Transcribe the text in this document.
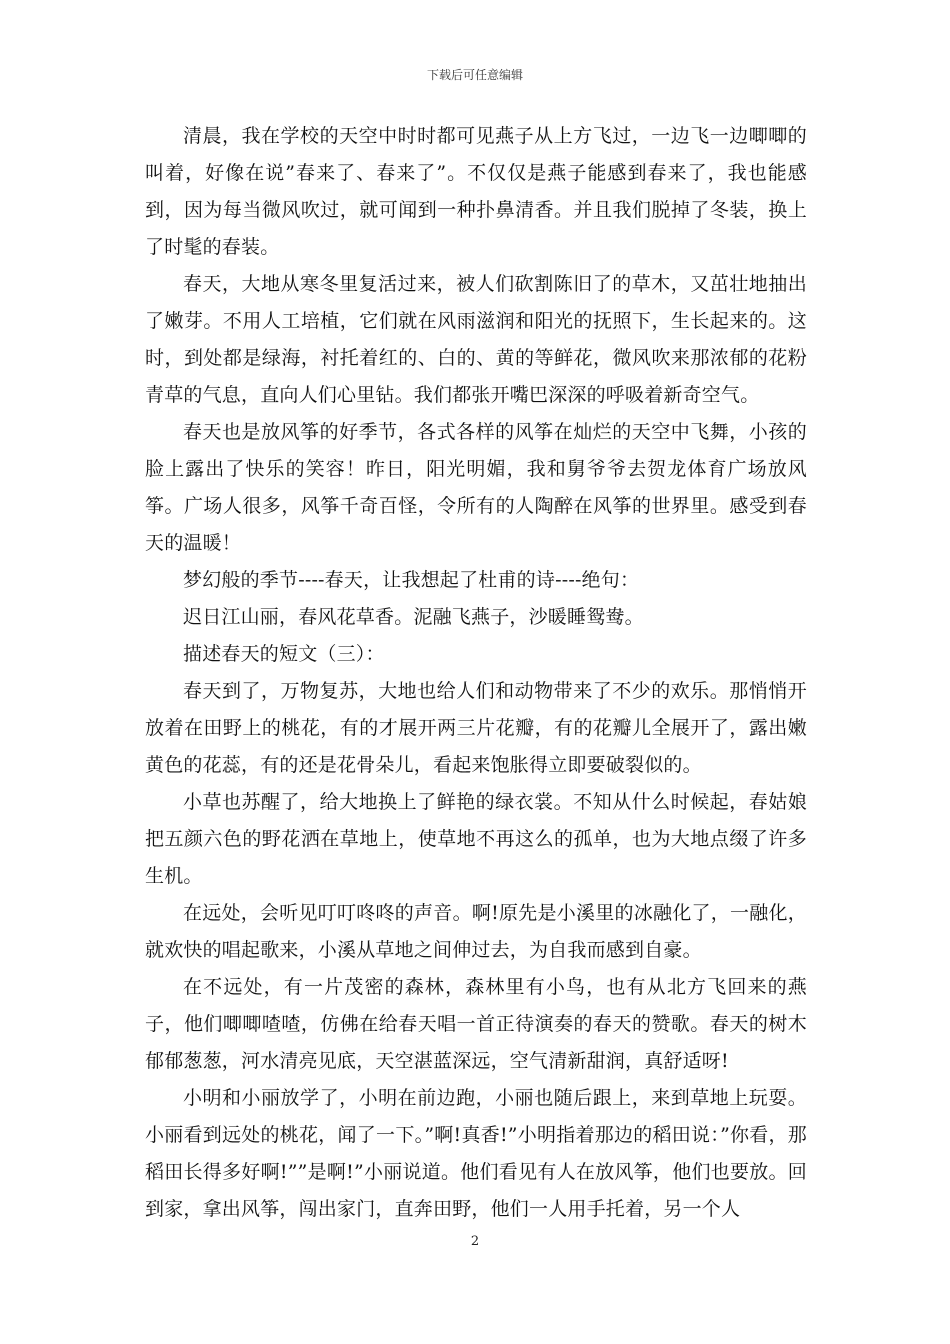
下载后可任意编辑

清晨，我在学校的天空中时时都可见燕子从上方飞过，一边飞一边唧唧的叫着，好像在说”春来了、春来了”。不仅仅是燕子能感到春来了，我也能感到，因为每当微风吹过，就可闻到一种扑鼻清香。并且我们脱掉了冬装，换上了时髦的春装。

春天，大地从寒冬里复活过来，被人们砍割陈旧了的草木，又茁壮地抽出了嫩芽。不用人工培植，它们就在风雨滋润和阳光的抚照下，生长起来的。这时，到处都是绿海，衬托着红的、白的、黄的等鲜花，微风吹来那浓郁的花粉青草的气息，直向人们心里钻。我们都张开嘴巴深深的呼吸着新奇空气。

春天也是放风筝的好季节，各式各样的风筝在灿烂的天空中飞舞，小孩的脸上露出了快乐的笑容！昨日，阳光明媚，我和舅爷爷去贺龙体育广场放风筝。广场人很多，风筝千奇百怪，令所有的人陶醉在风筝的世界里。感受到春天的温暖！

梦幻般的季节----春天，让我想起了杜甫的诗----绝句：

迟日江山丽，春风花草香。泥融飞燕子，沙暖睡鸳鸯。

描述春天的短文（三）：

春天到了，万物复苏，大地也给人们和动物带来了不少的欢乐。那悄悄开放着在田野上的桃花，有的才展开两三片花瓣，有的花瓣儿全展开了，露出嫩黄色的花蕊，有的还是花骨朵儿，看起来饱胀得立即要破裂似的。

小草也苏醒了，给大地换上了鲜艳的绿衣裳。不知从什么时候起，春姑娘把五颜六色的野花洒在草地上，使草地不再这么的孤单，也为大地点缀了许多生机。

在远处，会听见叮叮咚咚的声音。啊!原先是小溪里的冰融化了，一融化，就欢快的唱起歌来，小溪从草地之间伸过去，为自我而感到自豪。

在不远处，有一片茂密的森林，森林里有小鸟，也有从北方飞回来的燕子，他们唧唧喳喳，仿佛在给春天唱一首正待演奏的春天的赞歌。春天的树木郁郁葱葱，河水清亮见底，天空湛蓝深远，空气清新甜润，真舒适呀!

小明和小丽放学了，小明在前边跑，小丽也随后跟上，来到草地上玩耍。小丽看到远处的桃花，闻了一下。”啊!真香!”小明指着那边的稻田说：”你看，那稻田长得多好啊!””是啊!”小丽说道。他们看见有人在放风筝，他们也要放。回到家，拿出风筝，闯出家门，直奔田野，他们一人用手托着，另一个人

2
